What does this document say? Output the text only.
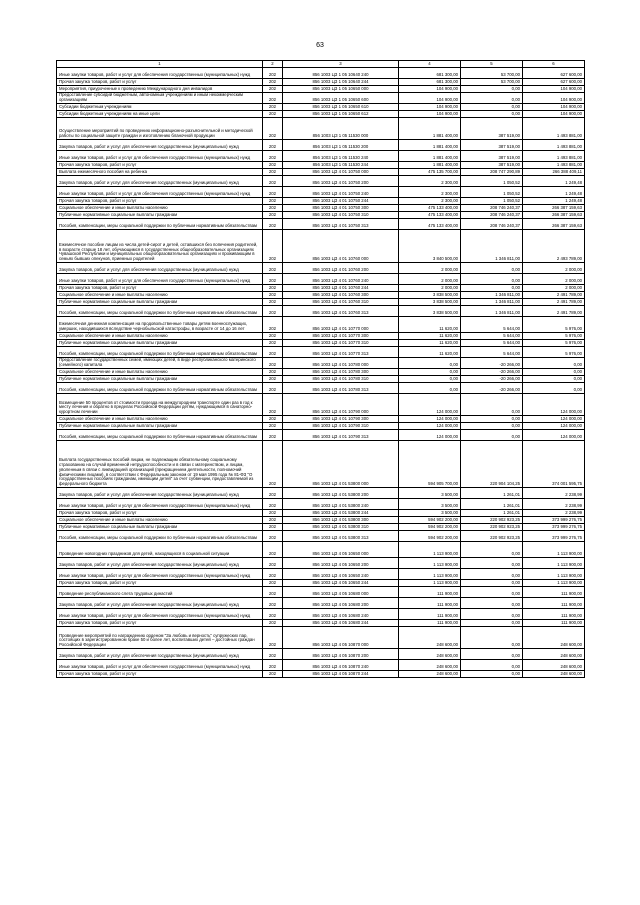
63
1	2	3	4	5	6
Иные закупки товаров, работ и услуг для обеспечения государственных (муниципальных) нужд	202	856 1003 ЦЗ 1 05 10640 240	681 300,00	53 700,00	627 600,00
Прочая закупка товаров, работ и услуг	202	856 1003 ЦЗ 1 05 10640 244	681 300,00	53 700,00	627 600,00
Мероприятия, приуроченные к проведению Международного дня инвалидов	202	856 1003 ЦЗ 1 05 10650 000	104 900,00	0,00	104 900,00
Предоставление субсидий бюджетным, автономным учреждениям и иным некоммерческим организациям	202	856 1003 ЦЗ 1 05 10650 600	104 900,00	0,00	104 900,00
Субсидии бюджетным учреждениям	202	856 1003 ЦЗ 1 05 10650 610	104 900,00	0,00	104 900,00
Субсидии бюджетным учреждениям на иные цели	202	856 1003 ЦЗ 1 05 10650 612	104 900,00	0,00	104 900,00
Осуществление мероприятий по проведению информационно-разъяснительной и методической работы по социальной защите граждан и изготовлению бланочной продукции	202	856 1003 ЦЗ 1 05 11530 000	1 881 400,00	387 519,00	1 493 881,00
Закупка товаров, работ и услуг для обеспечения государственных (муниципальных) нужд	202	856 1003 ЦЗ 1 05 11530 200	1 881 400,00	387 519,00	1 493 881,00
Иные закупки товаров, работ и услуг для обеспечения государственных (муниципальных) нужд	202	856 1003 ЦЗ 1 05 11530 240	1 881 400,00	387 519,00	1 493 881,00
Прочая закупка товаров, работ и услуг	202	856 1003 ЦЗ 1 05 11530 244	1 881 400,00	387 519,00	1 493 881,00
Выплата ежемесячного пособия на ребенка	202	856 1003 ЦЗ 4 01 10750 000	475 135 700,00	208 747 290,89	266 388 409,11
Закупка товаров, работ и услуг для обеспечения государственных (муниципальных) нужд	202	856 1003 ЦЗ 4 01 10750 200	2 300,00	1 050,52	1 249,48
Иные закупки товаров, работ и услуг для обеспечения государственных (муниципальных) нужд	202	856 1003 ЦЗ 4 01 10750 240	2 300,00	1 050,52	1 249,48
Прочая закупка товаров, работ и услуг	202	856 1003 ЦЗ 4 01 10750 244	2 300,00	1 050,52	1 249,48
Социальное обеспечение и иные выплаты населению	202	856 1003 ЦЗ 4 01 10750 300	475 133 400,00	208 746 240,37	266 387 159,63
Публичные нормативные социальные выплаты гражданам	202	856 1003 ЦЗ 4 01 10750 310	475 133 400,00	208 746 240,37	266 387 159,63
Пособия, компенсации, меры социальной поддержки по публичным нормативным обязательствам	202	856 1003 ЦЗ 4 01 10750 313	475 133 400,00	208 746 240,37	266 387 159,63
Ежемесячное пособие лицам из числа детей-сирот и детей, оставшихся без попечения родителей, в возрасте старше 18 лет, обучающимся в государственных общеобразовательных организациях Чувашской Республики и муниципальных общеобразовательных организациях и проживающим в семьях бывших опекунов, приемных родителей	202	856 1003 ЦЗ 4 01 10760 000	3 840 500,00	1 346 811,00	2 493 789,00
Закупка товаров, работ и услуг для обеспечения государственных (муниципальных) нужд	202	856 1003 ЦЗ 4 01 10760 200	2 000,00	0,00	2 000,00
Иные закупки товаров, работ и услуг для обеспечения государственных (муниципальных) нужд	202	856 1003 ЦЗ 4 01 10760 240	2 000,00	0,00	2 000,00
Прочая закупка товаров, работ и услуг	202	856 1003 ЦЗ 4 01 10760 244	2 000,00	0,00	2 000,00
Социальное обеспечение и иные выплаты населению	202	856 1003 ЦЗ 4 01 10760 300	3 838 500,00	1 346 811,00	2 491 789,00
Публичные нормативные социальные выплаты гражданам	202	856 1003 ЦЗ 4 01 10760 310	3 838 500,00	1 346 811,00	2 491 789,00
Пособия, компенсации, меры социальной поддержки по публичным нормативным обязательствам	202	856 1003 ЦЗ 4 01 10760 313	3 838 500,00	1 346 811,00	2 491 789,00
Ежемесячная денежная компенсация на продовольственные товары детям военнослужащих, умерших, находившихся вследствие чернобыльской катастрофы, в возрасте от 14 до 16 лет	202	856 1003 ЦЗ 4 01 10770 000	11 620,00	5 644,00	5 976,00
Социальное обеспечение и иные выплаты населению	202	856 1003 ЦЗ 4 01 10770 300	11 620,00	5 644,00	5 976,00
Публичные нормативные социальные выплаты гражданам	202	856 1003 ЦЗ 4 01 10770 310	11 620,00	5 644,00	5 976,00
Пособия, компенсации, меры социальной поддержки по публичным нормативным обязательствам	202	856 1003 ЦЗ 4 01 10770 313	11 620,00	5 644,00	5 976,00
Предоставление государственных семей, имеющих детей, в виде республиканского материнского (семейного) капитала	202	856 1003 ЦЗ 4 01 10780 000	0,00	-20 266,00	0,00
Социальное обеспечение и иные выплаты населению	202	856 1003 ЦЗ 4 01 10780 300	0,00	-20 266,00	0,00
Публичные нормативные социальные выплаты гражданам	202	856 1003 ЦЗ 4 01 10780 310	0,00	-20 266,00	0,00
Пособия, компенсации, меры социальной поддержки по публичным нормативным обязательствам	202	856 1003 ЦЗ 4 01 10780 313	0,00	-20 266,00	0,00
Возмещение 50 процентов от стоимости проезда на междугороднем транспорте один раз в год к месту лечения и обратно в пределах Российской Федерации детям, нуждающимся в санаторно-курортном лечении	202	856 1003 ЦЗ 4 01 10790 000	124 000,00	0,00	124 000,00
Социальное обеспечение и иные выплаты населению	202	856 1003 ЦЗ 4 01 10790 300	124 000,00	0,00	124 000,00
Публичные нормативные социальные выплаты гражданам	202	856 1003 ЦЗ 4 01 10790 310	124 000,00	0,00	124 000,00
Пособия, компенсации, меры социальной поддержки по публичным нормативным обязательствам	202	856 1003 ЦЗ 4 01 10790 313	124 000,00	0,00	124 000,00
Выплата государственных пособий лицам, не подлежащим обязательному социальному страхованию на случай временной нетрудоспособности и в связи с материнством, и лицам, уволенным в связи с ликвидацией организаций (прекращением деятельности, полномочий физическими лицами), в соответствии с Федеральным законом от 19 мая 1995 года № 81-ФЗ "О государственных пособиях гражданам, имеющим детей" за счет субвенции, предоставляемой из федерального бюджета	202	856 1003 ЦЗ 4 01 53800 000	594 905 700,00	220 904 104,25	374 001 595,75
Закупка товаров, работ и услуг для обеспечения государственных (муниципальных) нужд	202	856 1003 ЦЗ 4 01 53800 200	3 500,00	1 261,01	2 238,99
Иные закупки товаров, работ и услуг для обеспечения государственных (муниципальных) нужд	202	856 1003 ЦЗ 4 01 53800 240	3 500,00	1 261,01	2 238,99
Прочая закупка товаров, работ и услуг	202	856 1003 ЦЗ 4 01 53800 244	3 500,00	1 261,01	2 238,99
Социальное обеспечение и иные выплаты населению	202	856 1003 ЦЗ 4 01 53800 300	594 902 200,00	220 902 923,25	373 999 276,75
Публичные нормативные социальные выплаты гражданам	202	856 1003 ЦЗ 4 01 53800 310	594 902 200,00	220 902 923,25	373 999 276,75
Пособия, компенсации, меры социальной поддержки по публичным нормативным обязательствам	202	856 1003 ЦЗ 4 01 53800 313	594 902 200,00	220 902 923,25	373 999 276,75
Проведение новогодних праздников для детей, находящихся в социальной ситуации	202	856 1003 ЦЗ 4 05 10650 000	1 113 900,00	0,00	1 113 900,00
Закупка товаров, работ и услуг для обеспечения государственных (муниципальных) нужд	202	856 1003 ЦЗ 4 05 10650 200	1 113 900,00	0,00	1 113 900,00
Иные закупки товаров, работ и услуг для обеспечения государственных (муниципальных) нужд	202	856 1003 ЦЗ 4 05 10650 240	1 113 900,00	0,00	1 113 900,00
Прочая закупка товаров, работ и услуг	202	856 1003 ЦЗ 4 05 10650 244	1 113 900,00	0,00	1 113 900,00
Проведение республиканского слета трудовых династий	202	856 1003 ЦЗ 4 05 10680 000	111 900,00	0,00	111 900,00
Закупка товаров, работ и услуг для обеспечения государственных (муниципальных) нужд	202	856 1003 ЦЗ 4 05 10680 200	111 900,00	0,00	111 900,00
Иные закупки товаров, работ и услуг для обеспечения государственных (муниципальных) нужд	202	856 1003 ЦЗ 4 05 10680 240	111 900,00	0,00	111 900,00
Прочая закупка товаров, работ и услуг	202	856 1003 ЦЗ 4 05 10680 244	111 900,00	0,00	111 900,00
Проведение мероприятий по награждению орденом "За любовь и верность" супружеских пар, состоящих в зарегистрированном браке 50 и более лет, воспитавших детей – достойных граждан Российской Федерации	202	856 1003 ЦЗ 4 05 10870 000	248 600,00	0,00	248 600,00
Закупка товаров, работ и услуг для обеспечения государственных (муниципальных) нужд	202	856 1003 ЦЗ 4 05 10870 200	248 600,00	0,00	248 600,00
Иные закупки товаров, работ и услуг для обеспечения государственных (муниципальных) нужд	202	856 1003 ЦЗ 4 05 10870 240	248 600,00	0,00	248 600,00
Прочая закупка товаров, работ и услуг	202	856 1003 ЦЗ 4 05 10870 244	248 600,00	0,00	248 600,00
